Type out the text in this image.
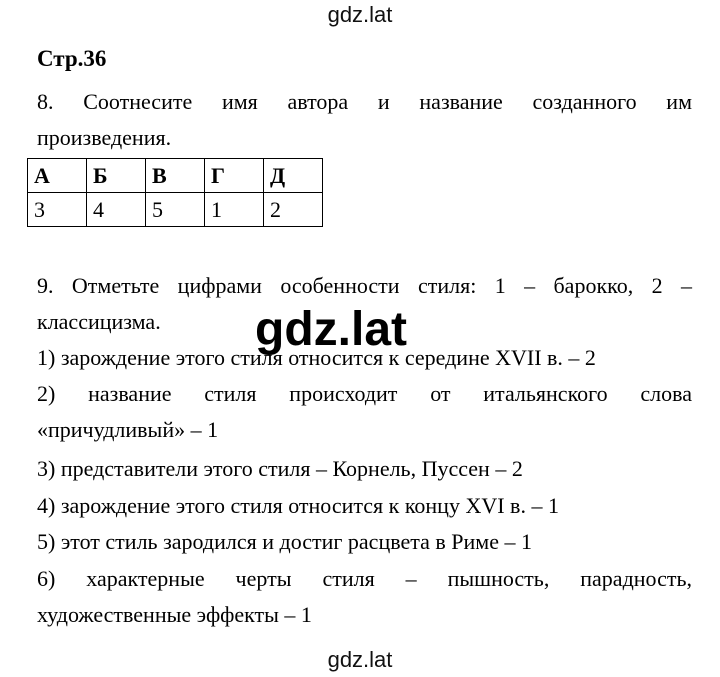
gdz.lat
Стр.36
8. Соотнесите имя автора и название созданного им
произведения.
А	Б	В	Г	Д
3	4	5	1	2
9. Отметьте цифрами особенности стиля: 1 – барокко, 2 –
классицизма.	gdz.lat
1) зарождение этого стиля относится к середине XVII в. – 2
2) название стиля происходит от итальянского слова
«причудливый» – 1
3) представители этого стиля – Корнель, Пуссен – 2
4) зарождение этого стиля относится к концу XVI в. – 1
5) этот стиль зародился и достиг расцвета в Риме – 1
6) характерные черты стиля – пышность, парадность,
художественные эффекты – 1
gdz.lat
